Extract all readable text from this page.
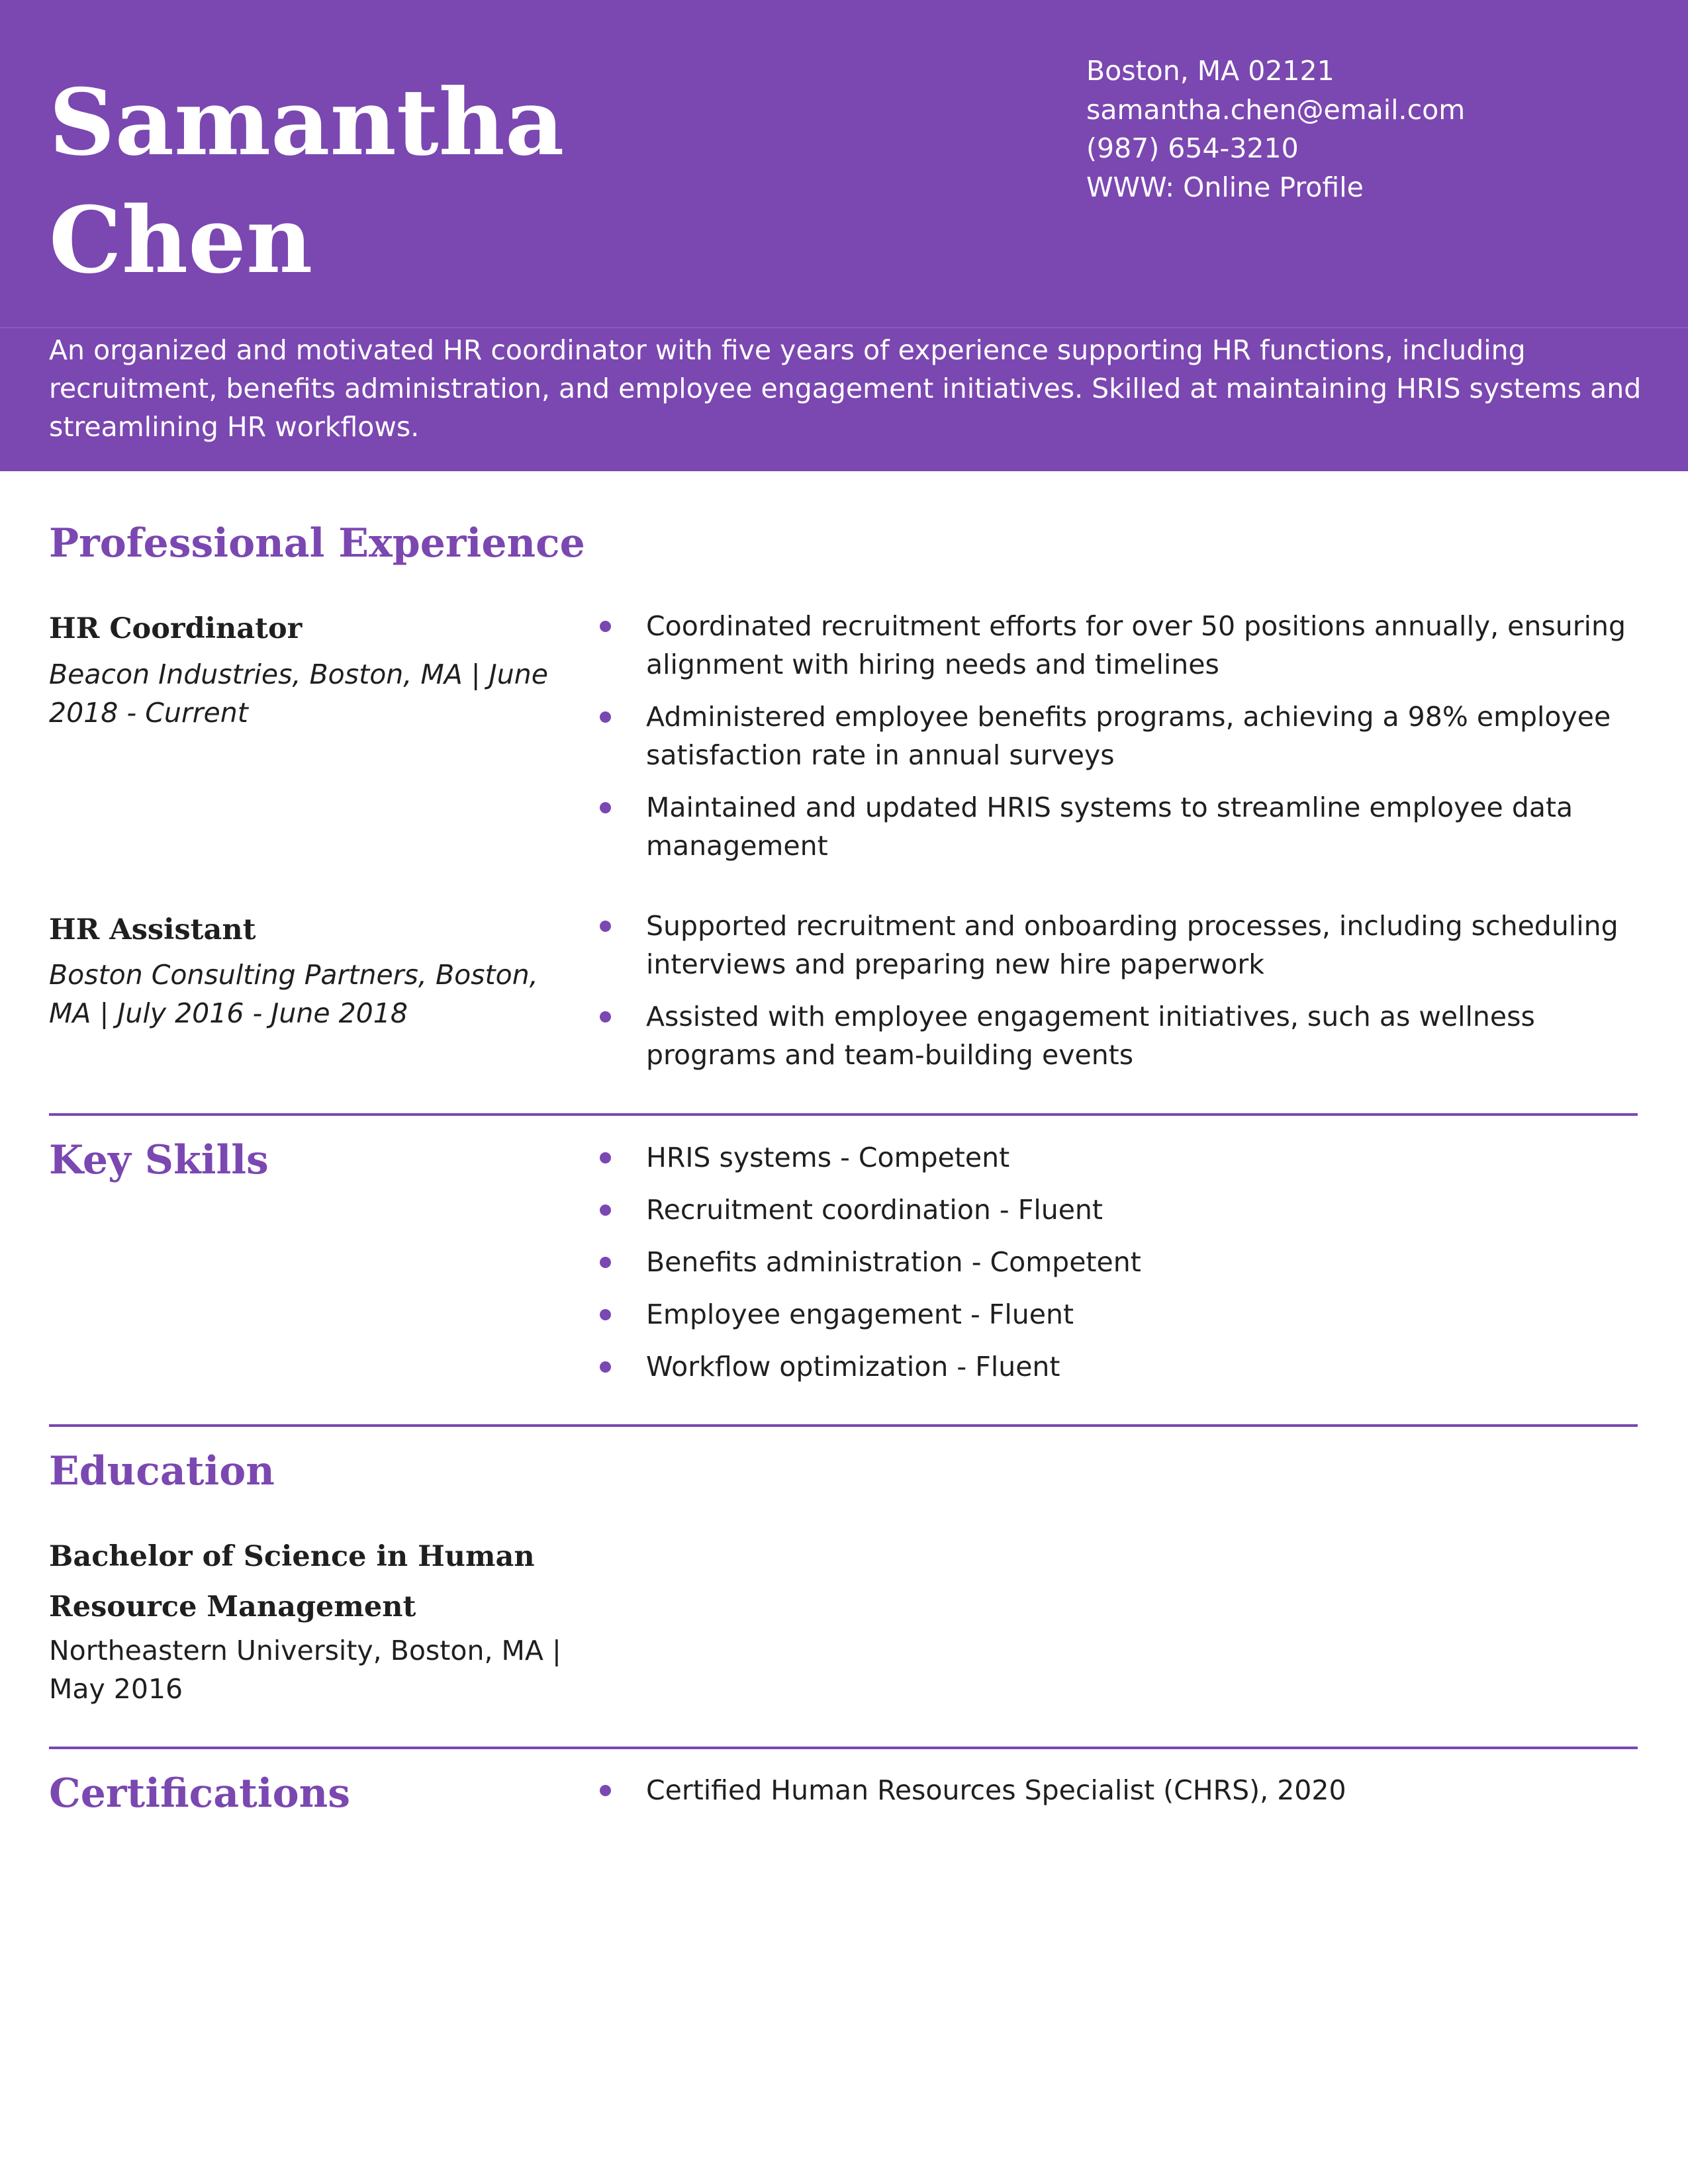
Samantha
Chen
Boston, MA 02121
samantha.chen@email.com
(987) 654-3210
WWW: Online Profile

An organized and motivated HR coordinator with five years of experience supporting HR functions, including recruitment, benefits administration, and employee engagement initiatives. Skilled at maintaining HRIS systems and streamlining HR workflows.

Professional Experience
HR Coordinator
Beacon Industries, Boston, MA | June 2018 - Current
Coordinated recruitment efforts for over 50 positions annually, ensuring alignment with hiring needs and timelines
Administered employee benefits programs, achieving a 98% employee satisfaction rate in annual surveys
Maintained and updated HRIS systems to streamline employee data management
HR Assistant
Boston Consulting Partners, Boston, MA | July 2016 - June 2018
Supported recruitment and onboarding processes, including scheduling interviews and preparing new hire paperwork
Assisted with employee engagement initiatives, such as wellness programs and team-building events
Key Skills	HRIS systems - Competent
Recruitment coordination - Fluent
Benefits administration - Competent
Employee engagement - Fluent
Workflow optimization - Fluent
Education
Bachelor of Science in Human Resource Management
Northeastern University, Boston, MA | May 2016
Certifications	Certified Human Resources Specialist (CHRS), 2020
